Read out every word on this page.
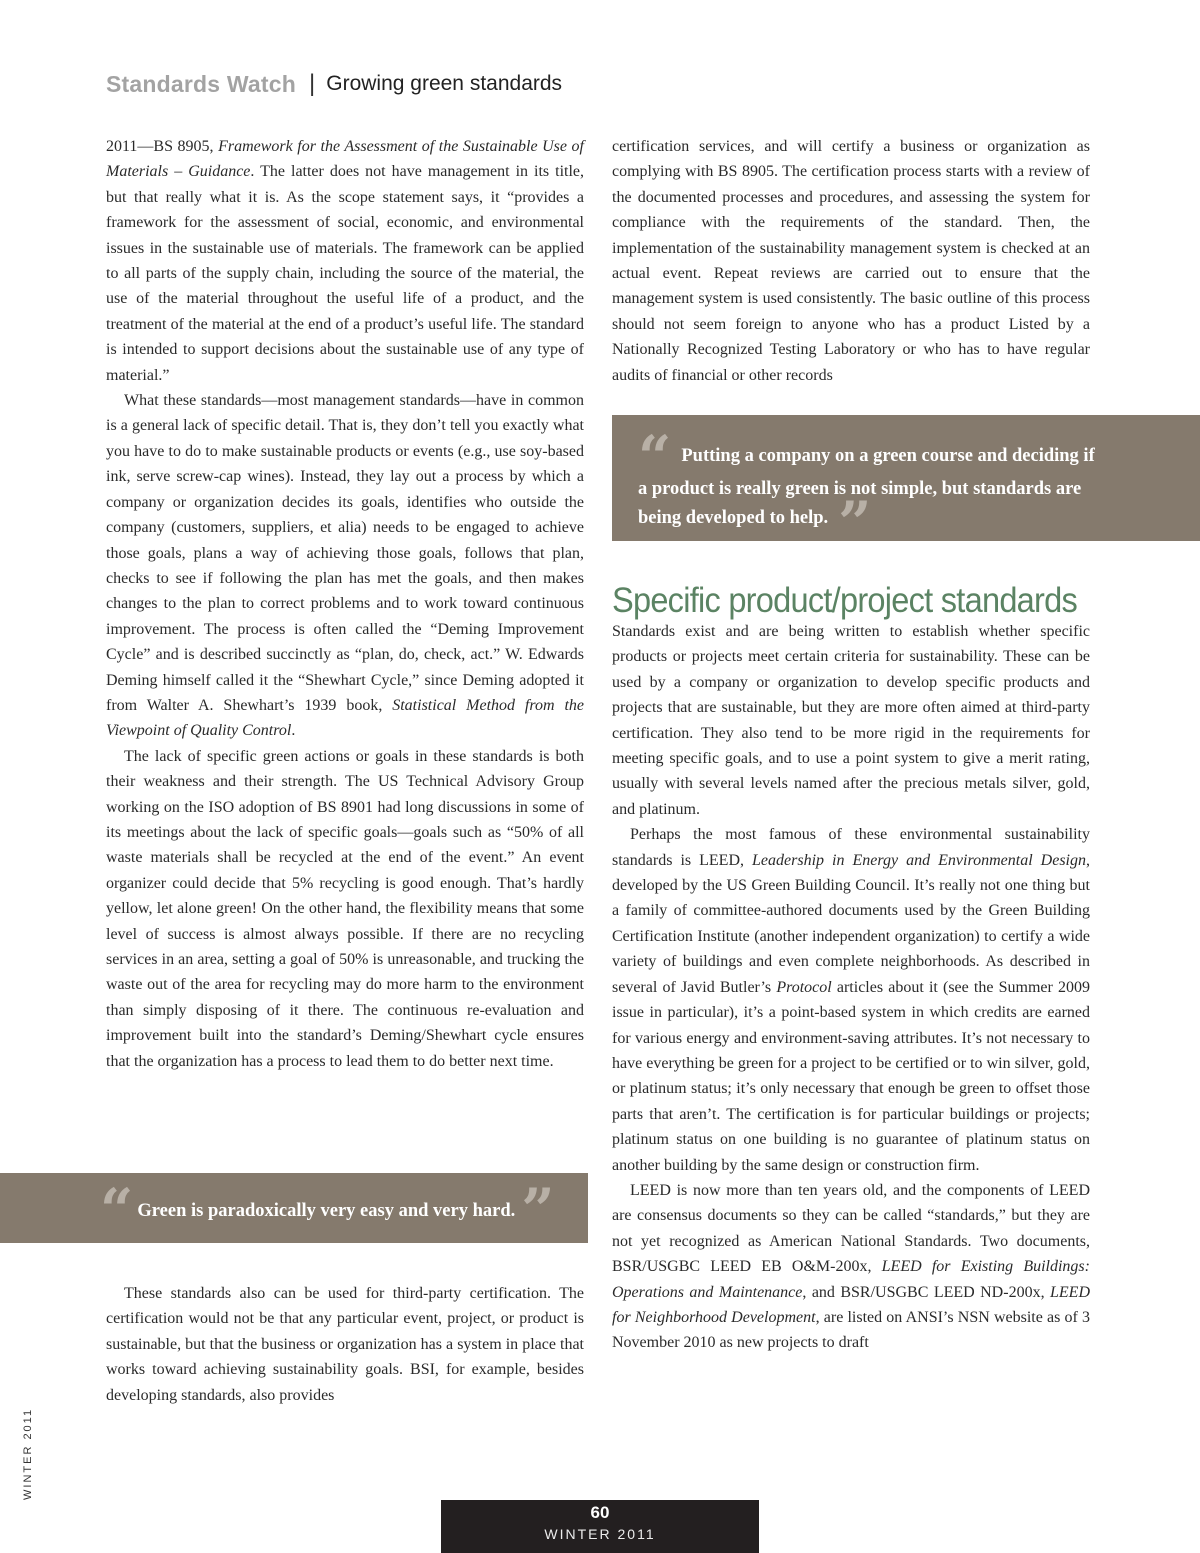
Standards Watch | Growing green standards

2011—BS 8905, Framework for the Assessment of the Sustainable Use of Materials – Guidance. The latter does not have management in its title, but that really what it is. As the scope statement says, it “provides a framework for the assessment of social, economic, and environmental issues in the sustainable use of materials. The framework can be applied to all parts of the supply chain, including the source of the material, the use of the material throughout the useful life of a product, and the treatment of the material at the end of a product’s useful life. The standard is intended to support decisions about the sustainable use of any type of material.”

What these standards—most management standards—have in common is a general lack of specific detail. That is, they don’t tell you exactly what you have to do to make sustainable products or events (e.g., use soy-based ink, serve screw-cap wines). Instead, they lay out a process by which a company or organization decides its goals, identifies who outside the company (customers, suppliers, et alia) needs to be engaged to achieve those goals, plans a way of achieving those goals, follows that plan, checks to see if following the plan has met the goals, and then makes changes to the plan to correct problems and to work toward continuous improvement. The process is often called the “Deming Improvement Cycle” and is described succinctly as “plan, do, check, act.” W. Edwards Deming himself called it the “Shewhart Cycle,” since Deming adopted it from Walter A. Shewhart’s 1939 book, Statistical Method from the Viewpoint of Quality Control.

The lack of specific green actions or goals in these standards is both their weakness and their strength. The US Technical Advisory Group working on the ISO adoption of BS 8901 had long discussions in some of its meetings about the lack of specific goals—goals such as “50% of all waste materials shall be recycled at the end of the event.” An event organizer could decide that 5% recycling is good enough. That’s hardly yellow, let alone green! On the other hand, the flexibility means that some level of success is almost always possible. If there are no recycling services in an area, setting a goal of 50% is unreasonable, and trucking the waste out of the area for recycling may do more harm to the environment than simply disposing of it there. The continuous re-evaluation and improvement built into the standard’s Deming/Shewhart cycle ensures that the organization has a process to lead them to do better next time.

“ Green is paradoxically very easy and very hard. ”

These standards also can be used for third-party certification. The certification would not be that any particular event, project, or product is sustainable, but that the business or organization has a system in place that works toward achieving sustainability goals. BSI, for example, besides developing standards, also provides

certification services, and will certify a business or organization as complying with BS 8905. The certification process starts with a review of the documented processes and procedures, and assessing the system for compliance with the requirements of the standard. Then, the implementation of the sustainability management system is checked at an actual event. Repeat reviews are carried out to ensure that the management system is used consistently. The basic outline of this process should not seem foreign to anyone who has a product Listed by a Nationally Recognized Testing Laboratory or who has to have regular audits of financial or other records

“ Putting a company on a green course and deciding if a product is really green is not simple, but standards are being developed to help. ”
Specific product/project standards

Standards exist and are being written to establish whether specific products or projects meet certain criteria for sustainability. These can be used by a company or organization to develop specific products and projects that are sustainable, but they are more often aimed at third-party certification. They also tend to be more rigid in the requirements for meeting specific goals, and to use a point system to give a merit rating, usually with several levels named after the precious metals silver, gold, and platinum.

Perhaps the most famous of these environmental sustainability standards is LEED, Leadership in Energy and Environmental Design, developed by the US Green Building Council. It’s really not one thing but a family of committee-authored documents used by the Green Building Certification Institute (another independent organization) to certify a wide variety of buildings and even complete neighborhoods. As described in several of Javid Butler’s Protocol articles about it (see the Summer 2009 issue in particular), it’s a point-based system in which credits are earned for various energy and environment-saving attributes. It’s not necessary to have everything be green for a project to be certified or to win silver, gold, or platinum status; it’s only necessary that enough be green to offset those parts that aren’t. The certification is for particular buildings or projects; platinum status on one building is no guarantee of platinum status on another building by the same design or construction firm.

LEED is now more than ten years old, and the components of LEED are consensus documents so they can be called “standards,” but they are not yet recognized as American National Standards. Two documents, BSR/USGBC LEED EB O&M-200x, LEED for Existing Buildings: Operations and Maintenance, and BSR/USGBC LEED ND-200x, LEED for Neighborhood Development, are listed on ANSI’s NSN website as of 3 November 2010 as new projects to draft

WINTER 2011
60
WINTER 2011
